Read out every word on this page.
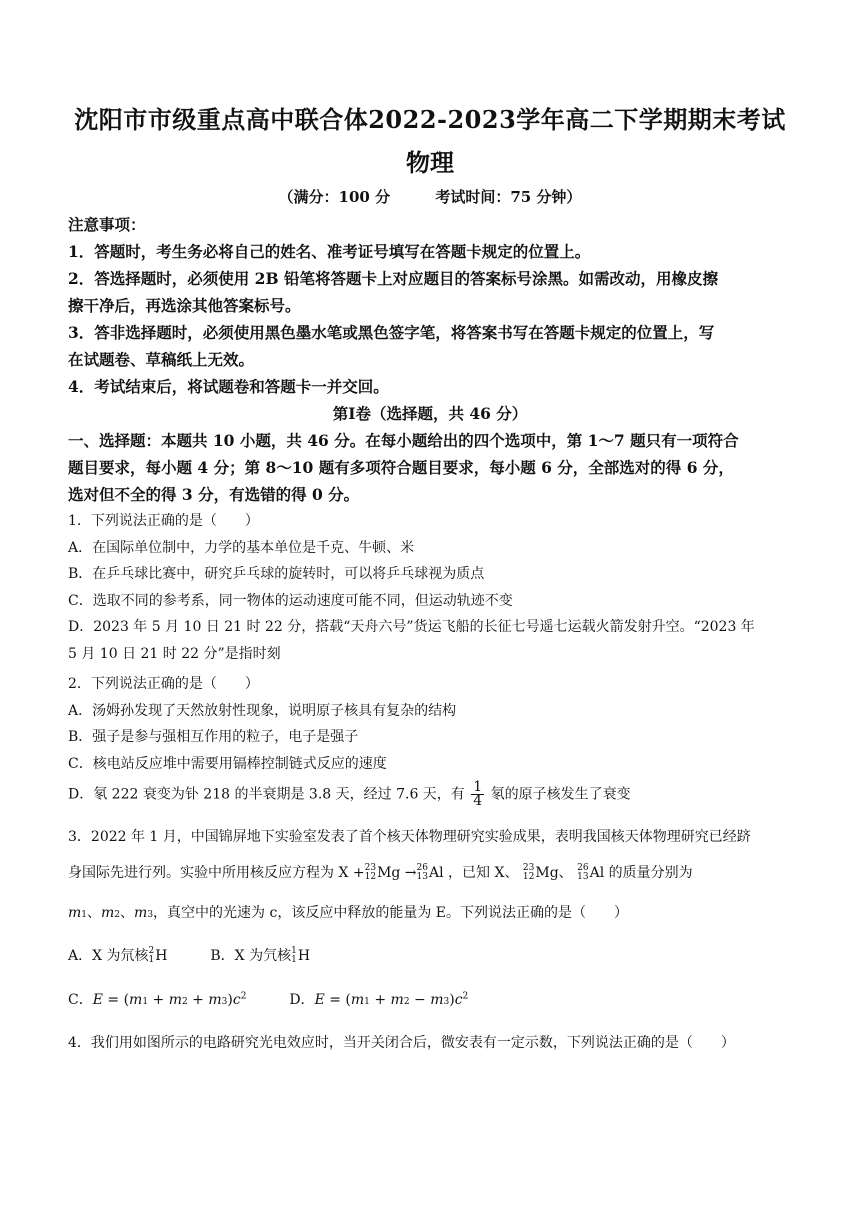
沈阳市市级重点高中联合体2022-2023学年高二下学期期末考试
物理
（满分：100 分	考试时间：75 分钟）
注意事项：
1．答题时，考生务必将自己的姓名、准考证号填写在答题卡规定的位置上。
2．答选择题时，必须使用 2B 铅笔将答题卡上对应题目的答案标号涂黑。如需改动，用橡皮擦
擦干净后，再选涂其他答案标号。
3．答非选择题时，必须使用黑色墨水笔或黑色签字笔，将答案书写在答题卡规定的位置上，写
在试题卷、草稿纸上无效。
4．考试结束后，将试题卷和答题卡一并交回。
第Ⅰ卷（选择题，共 46 分）
一、选择题：本题共 10 小题，共 46 分。在每小题给出的四个选项中，第 1～7 题只有一项符合
题目要求，每小题 4 分；第 8～10 题有多项符合题目要求，每小题 6 分，全部选对的得 6 分，
选对但不全的得 3 分，有选错的得 0 分。
1．下列说法正确的是（　　）
A．在国际单位制中，力学的基本单位是千克、牛顿、米
B．在乒乓球比赛中，研究乒乓球的旋转时，可以将乒乓球视为质点
C．选取不同的参考系，同一物体的运动速度可能不同，但运动轨迹不变
D．2023 年 5 月 10 日 21 时 22 分，搭载“天舟六号”货运飞船的长征七号遥七运载火箭发射升空。“2023 年
5 月 10 日 21 时 22 分”是指时刻
2．下列说法正确的是（　　）
A．汤姆孙发现了天然放射性现象，说明原子核具有复杂的结构
B．强子是参与强相互作用的粒子，电子是强子
C．核电站反应堆中需要用镉棒控制链式反应的速度
D．氡 222 衰变为钋 218 的半衰期是 3.8 天，经过 7.6 天，有 $\frac{1}{4}$ 氡的原子核发生了衰变
3．2022 年 1 月，中国锦屏地下实验室发表了首个核天体物理研究实验成果，表明我国核天体物理研究已经跻
身国际先进行列。实验中所用核反应方程为 X +23
12Mg →26
13Al ，已知 X、 23
12Mg、 26
13Al 的质量分别为
m1、m2、m3，真空中的光速为 c，该反应中释放的能量为 E。下列说法正确的是（　　）
A．X 为氘核2
1H	B．X 为氕核1
1H
C．$E = (m1 + m2 + m3)c^2$	D．$E = (m1 + m2 - m3)c^2$
4．我们用如图所示的电路研究光电效应时，当开关闭合后，微安表有一定示数，下列说法正确的是（　　）
